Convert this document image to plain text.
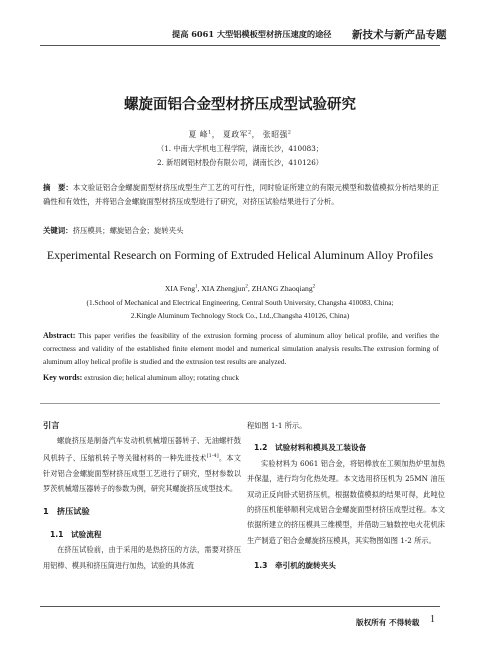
提高 6061 大型铝模板型材挤压速度的途径 新技术与新产品专题
螺旋面铝合金型材挤压成型试验研究
夏 峰$^1$， 夏政军$^2$， 张昭强$^2$
（1. 中南大学机电工程学院，湖南长沙，410083；
2. 新绍阔铝材股份有限公司，湖南长沙，410126）
摘　要：本文验证铝合金螺旋面型材挤压成型生产工艺的可行性，同时验证所建立的有限元模型和数值模拟分析结果的正确性和有效性，并将铝合金螺旋面型材挤压成型进行了研究，对挤压试验结果进行了分析。
关键词：挤压模具；螺旋铝合金；旋转夹头
Experimental Research on Forming of Extruded Helical Aluminum Alloy Profiles
XIA Feng$^1$, XIA Zhengjun$^2$, ZHANG Zhaoqiang$^2$
(1.School of Mechanical and Electrical Engineering, Central South University, Changsha 410083, China;
2.Kingle Aluminum Technology Stock Co., Ltd.,Changsha 410126, China)
Abstract: This paper verifies the feasibility of the extrusion forming process of aluminum alloy helical profile, and verifies the correctness and validity of the established finite element model and numerical simulation analysis results.The extrusion forming of aluminum alloy helical profile is studied and the extrusion test results are analyzed.
Key words: extrusion die; helical aluminum alloy; rotating chuck

引言

螺旋挤压是制备汽车发动机机械增压器转子、无油螺杆鼓风机转子、压缩机转子等关键材料的一种先进技术[1-4]。本文针对铝合金螺旋面型材挤压成型工艺进行了研究，型材参数以罗茨机械增压器转子的参数为例，研究其螺旋挤压成型技术。

1　挤压试验

1.1　试验流程

在挤压试验前，由于采用的是热挤压的方法，需要对挤压用铝棒、模具和挤压筒进行加热，试验的具体流

程如图 1-1 所示。

1.2　试验材料和模具及工装设备

实验材料为 6061 铝合金，将铝棒放在工频加热炉里加热并保温，进行均匀化热处理。本文选用挤压机为 25MN 油压双动正反向卧式铝挤压机，根据数值模拟的结果可得，此吨位的挤压机能够顺利完成铝合金螺旋面型材挤压成型过程。本文依据所建立的挤压模具三维模型，并借助三轴数控电火花机床生产制造了铝合金螺旋挤压模具，其实物图如图 1-2 所示。

1.3　牵引机的旋转夹头

版权所有 不得转载 1
